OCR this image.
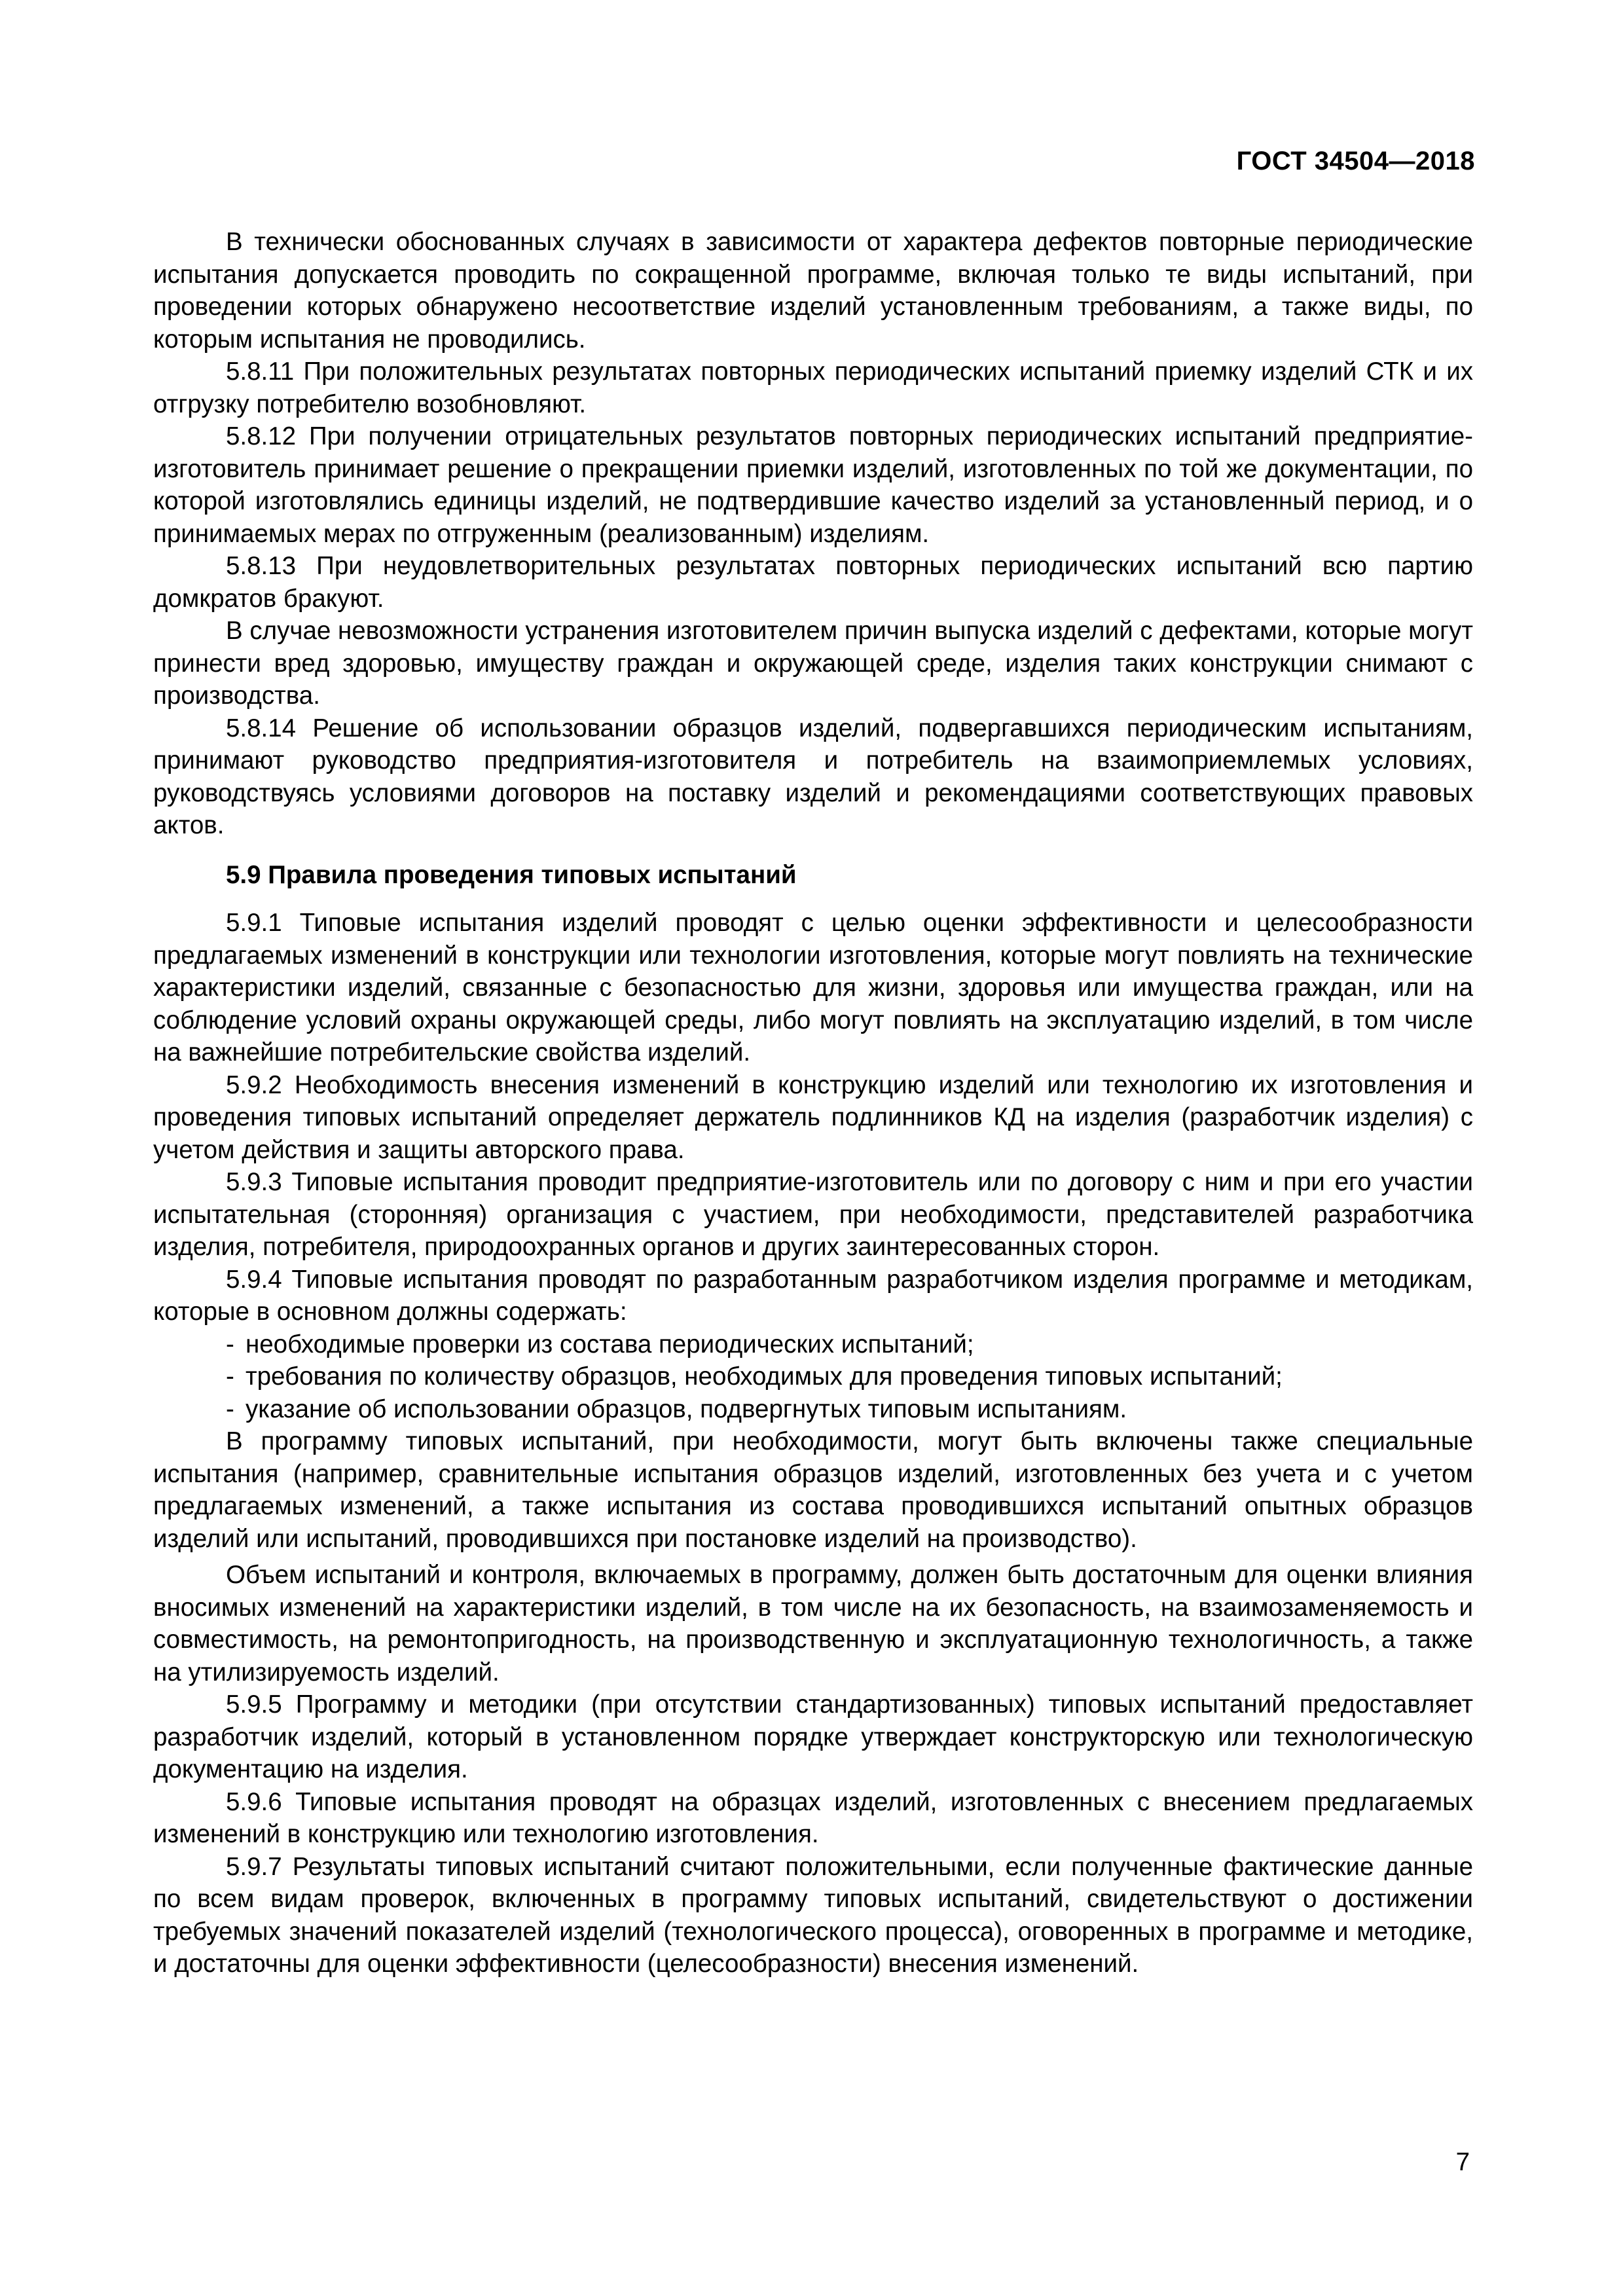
ГОСТ 34504—2018

В технически обоснованных случаях в зависимости от характера дефектов повторные периодические испытания допускается проводить по сокращенной программе, включая только те виды испытаний, при проведении которых обнаружено несоответствие изделий установленным требованиям, а также виды, по которым испытания не проводились.

5.8.11 При положительных результатах повторных периодических испытаний приемку изделий СТК и их отгрузку потребителю возобновляют.

5.8.12 При получении отрицательных результатов повторных периодических испытаний предприятие-изготовитель принимает решение о прекращении приемки изделий, изготовленных по той же документации, по которой изготовлялись единицы изделий, не подтвердившие качество изделий за установленный период, и о принимаемых мерах по отгруженным (реализованным) изделиям.

5.8.13 При неудовлетворительных результатах повторных периодических испытаний всю партию домкратов бракуют.

В случае невозможности устранения изготовителем причин выпуска изделий с дефектами, которые могут принести вред здоровью, имуществу граждан и окружающей среде, изделия таких конструкции снимают с производства.

5.8.14 Решение об использовании образцов изделий, подвергавшихся периодическим испытаниям, принимают руководство предприятия-изготовителя и потребитель на взаимоприемлемых условиях, руководствуясь условиями договоров на поставку изделий и рекомендациями соответствующих правовых актов.

5.9 Правила проведения типовых испытаний

5.9.1 Типовые испытания изделий проводят с целью оценки эффективности и целесообразности предлагаемых изменений в конструкции или технологии изготовления, которые могут повлиять на технические характеристики изделий, связанные с безопасностью для жизни, здоровья или имущества граждан, или на соблюдение условий охраны окружающей среды, либо могут повлиять на эксплуатацию изделий, в том числе на важнейшие потребительские свойства изделий.

5.9.2 Необходимость внесения изменений в конструкцию изделий или технологию их изготовления и проведения типовых испытаний определяет держатель подлинников КД на изделия (разработчик изделия) с учетом действия и защиты авторского права.

5.9.3 Типовые испытания проводит предприятие-изготовитель или по договору с ним и при его участии испытательная (сторонняя) организация с участием, при необходимости, представителей разработчика изделия, потребителя, природоохранных органов и других заинтересованных сторон.

5.9.4 Типовые испытания проводят по разработанным разработчиком изделия программе и методикам, которые в основном должны содержать:

- необходимые проверки из состава периодических испытаний;
- требования по количеству образцов, необходимых для проведения типовых испытаний;
- указание об использовании образцов, подвергнутых типовым испытаниям.

В программу типовых испытаний, при необходимости, могут быть включены также специальные испытания (например, сравнительные испытания образцов изделий, изготовленных без учета и с учетом предлагаемых изменений, а также испытания из состава проводившихся испытаний опытных образцов изделий или испытаний, проводившихся при постановке изделий на производство).

Объем испытаний и контроля, включаемых в программу, должен быть достаточным для оценки влияния вносимых изменений на характеристики изделий, в том числе на их безопасность, на взаимозаменяемость и совместимость, на ремонтопригодность, на производственную и эксплуатационную технологичность, а также на утилизируемость изделий.

5.9.5 Программу и методики (при отсутствии стандартизованных) типовых испытаний предоставляет разработчик изделий, который в установленном порядке утверждает конструкторскую или технологическую документацию на изделия.

5.9.6 Типовые испытания проводят на образцах изделий, изготовленных с внесением предлагаемых изменений в конструкцию или технологию изготовления.

5.9.7 Результаты типовых испытаний считают положительными, если полученные фактические данные по всем видам проверок, включенных в программу типовых испытаний, свидетельствуют о достижении требуемых значений показателей изделий (технологического процесса), оговоренных в программе и методике, и достаточны для оценки эффективности (целесообразности) внесения изменений.

7
